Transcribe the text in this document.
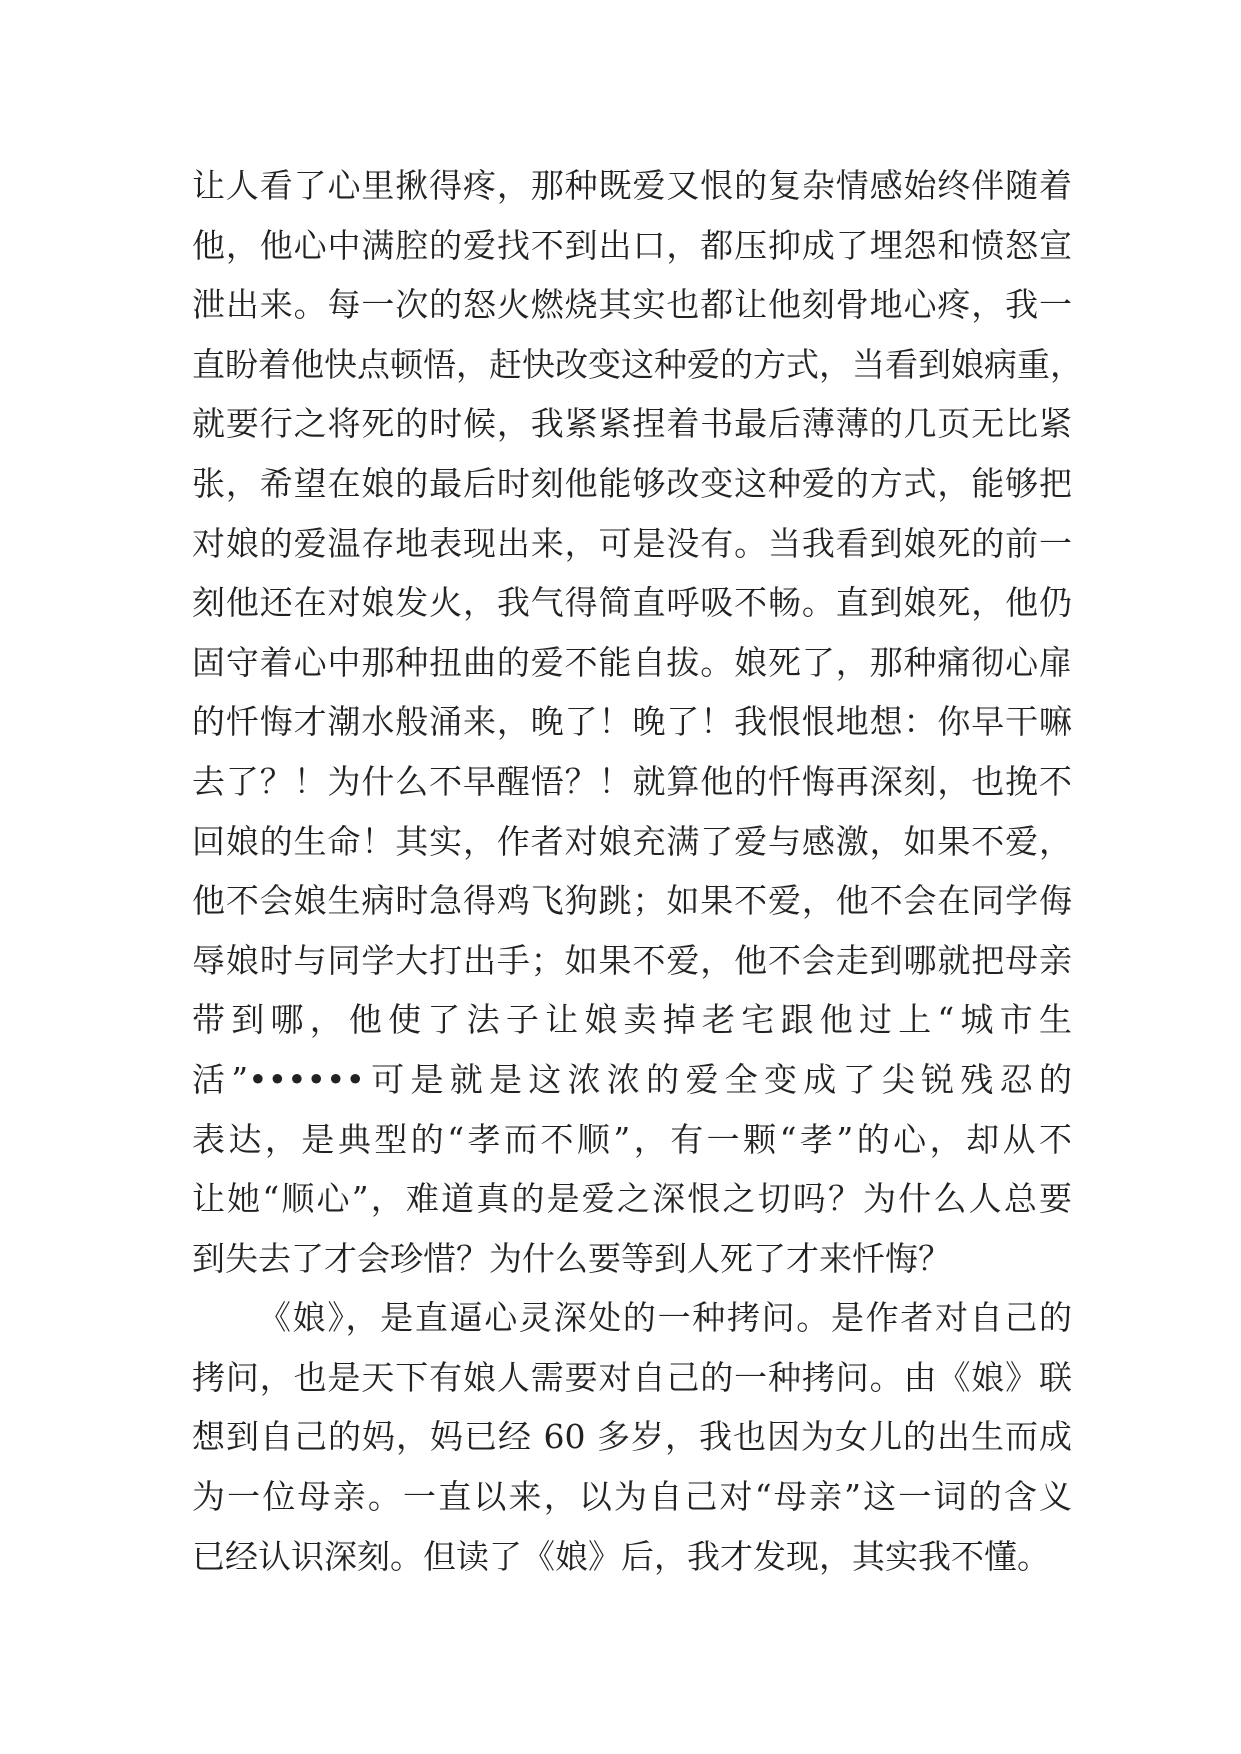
让人看了心里揪得疼，那种既爱又恨的复杂情感始终伴随着
他，他心中满腔的爱找不到出口，都压抑成了埋怨和愤怒宣
泄出来。每一次的怒火燃烧其实也都让他刻骨地心疼，我一
直盼着他快点顿悟，赶快改变这种爱的方式，当看到娘病重，
就要行之将死的时候，我紧紧捏着书最后薄薄的几页无比紧
张，希望在娘的最后时刻他能够改变这种爱的方式，能够把
对娘的爱温存地表现出来，可是没有。当我看到娘死的前一
刻他还在对娘发火，我气得简直呼吸不畅。直到娘死，他仍
固守着心中那种扭曲的爱不能自拔。娘死了，那种痛彻心扉
的忏悔才潮水般涌来，晚了！晚了！我恨恨地想：你早干嘛
去了？！为什么不早醒悟？！就算他的忏悔再深刻，也挽不
回娘的生命！其实，作者对娘充满了爱与感激，如果不爱，
他不会娘生病时急得鸡飞狗跳；如果不爱，他不会在同学侮
辱娘时与同学大打出手；如果不爱，他不会走到哪就把母亲
带到哪，他使了法子让娘卖掉老宅跟他过上“城市生
活”••••••可是就是这浓浓的爱全变成了尖锐残忍的
表达，是典型的“孝而不顺”，有一颗“孝”的心，却从不
让她“顺心”，难道真的是爱之深恨之切吗？为什么人总要
到失去了才会珍惜？为什么要等到人死了才来忏悔？
《娘》，是直逼心灵深处的一种拷问。是作者对自己的
拷问，也是天下有娘人需要对自己的一种拷问。由《娘》联
想到自己的妈，妈已经 60 多岁，我也因为女儿的出生而成
为一位母亲。一直以来，以为自己对“母亲”这一词的含义
已经认识深刻。但读了《娘》后，我才发现，其实我不懂。
